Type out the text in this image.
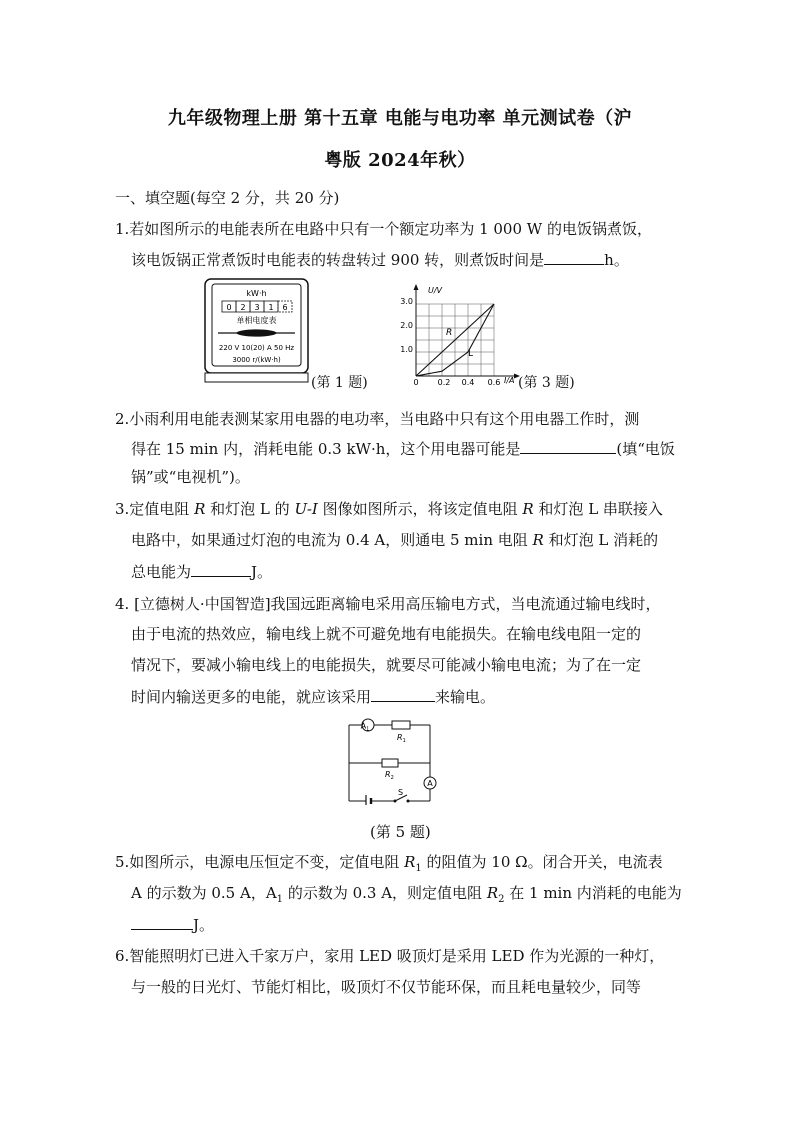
九年级物理上册 第十五章 电能与电功率 单元测试卷（沪
粤版 2024年秋）
一、填空题(每空 2 分，共 20 分)
1.若如图所示的电能表所在电路中只有一个额定功率为 1 000 W 的电饭锅煮饭，
该电饭锅正常煮饭时电能表的转盘转过 900 转，则煮饭时间是	h。
kW·h
0 2 3 1 6
单相电度表
220 V 10(20) A 50 Hz
3000 r/(kW·h)
(第 1 题)
U/V
I/A
1.0
2.0
3.0
0 0.2 0.4 0.6
R
L
(第 3 题)
2.小雨利用电能表测某家用电器的电功率，当电路中只有这个用电器工作时，测
得在 15 min 内，消耗电能 0.3 kW·h，这个用电器可能是	(填“电饭
锅”或“电视机”)。
3.定值电阻 R 和灯泡 L 的 U-I 图像如图所示，将该定值电阻 R 和灯泡 L 串联接入
电路中，如果通过灯泡的电流为 0.4 A，则通电 5 min 电阻 R 和灯泡 L 消耗的
总电能为	J。
4. [立德树人·中国智造]我国远距离输电采用高压输电方式，当电流通过输电线时，
由于电流的热效应，输电线上就不可避免地有电能损失。在输电线电阻一定的
情况下，要减小输电线上的电能损失，就要尽可能减小输电电流；为了在一定
时间内输送更多的电能，就应该采用	来输电。
$A_1$
A
$R_1$
$R_2$
S
(第 5 题)
5.如图所示，电源电压恒定不变，定值电阻 $R_1$ 的阻值为 10 Ω。闭合开关，电流表
A 的示数为 0.5 A，$A_1$ 的示数为 0.3 A，则定值电阻 $R_2$ 在 1 min 内消耗的电能为
J。
6.智能照明灯已进入千家万户，家用 LED 吸顶灯是采用 LED 作为光源的一种灯，
与一般的日光灯、节能灯相比，吸顶灯不仅节能环保，而且耗电量较少，同等
